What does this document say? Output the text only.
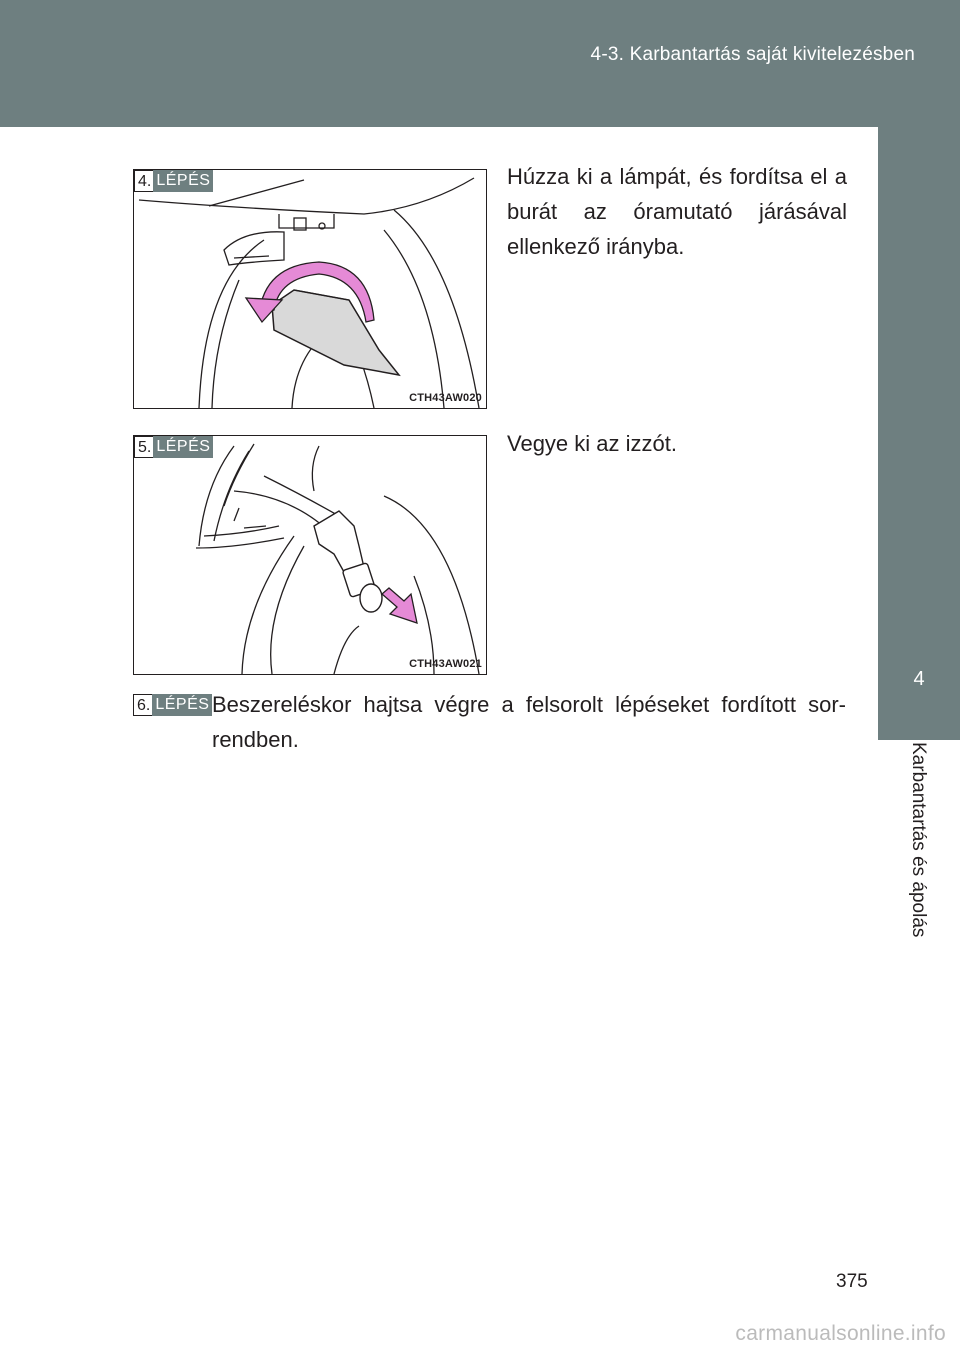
4-3. Karbantartás saját kivitelezésben
4
Karbantartás és ápolás
4. LÉPÉS
CTH43AW020
Húzza ki a lámpát, és fordítsa el a burát az óramutató járásával ellenkező irányba.
5. LÉPÉS
CTH43AW021
Vegye ki az izzót.
6. LÉPÉS Beszereléskor hajtsa végre a felsorolt lépéseket fordított sor-rendben.
375
carmanualsonline.info
